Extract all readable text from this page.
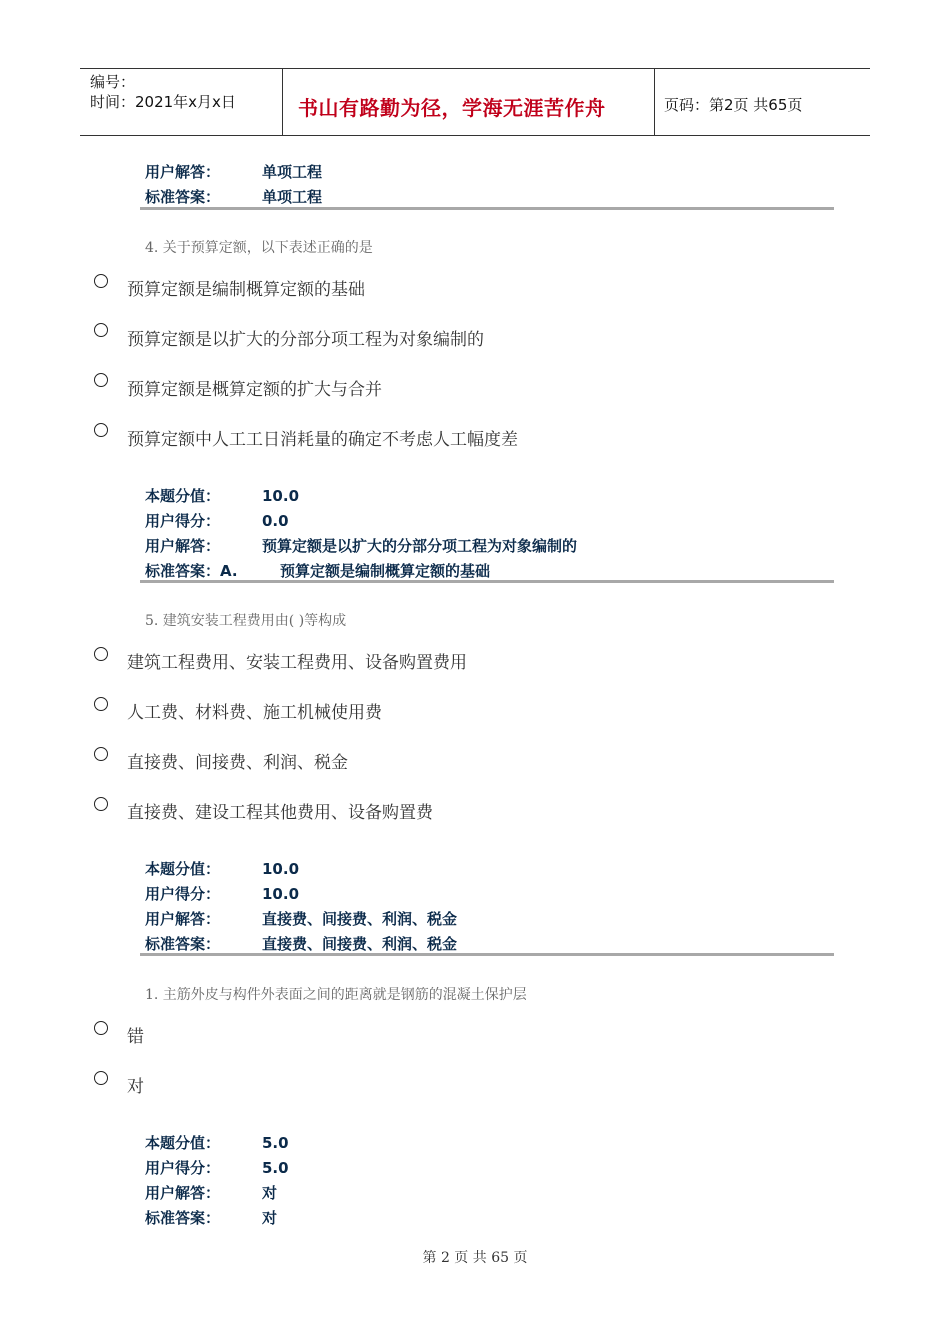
编号：
时间：2021年x月x日	书山有路勤为径，学海无涯苦作舟	页码：第2页 共65页
用户解答：	单项工程
标准答案：	单项工程
4. 关于预算定额，以下表述正确的是
预算定额是编制概算定额的基础
预算定额是以扩大的分部分项工程为对象编制的
预算定额是概算定额的扩大与合并
预算定额中人工工日消耗量的确定不考虑人工幅度差
本题分值：	10.0
用户得分：	0.0
用户解答：	预算定额是以扩大的分部分项工程为对象编制的
标准答案：A.	预算定额是编制概算定额的基础
5. 建筑安装工程费用由( )等构成
建筑工程费用、安装工程费用、设备购置费用
人工费、材料费、施工机械使用费
直接费、间接费、利润、税金
直接费、建设工程其他费用、设备购置费
本题分值：	10.0
用户得分：	10.0
用户解答：	直接费、间接费、利润、税金
标准答案：	直接费、间接费、利润、税金
1. 主筋外皮与构件外表面之间的距离就是钢筋的混凝土保护层
错
对
本题分值：	5.0
用户得分：	5.0
用户解答：	对
标准答案：	对
第 2 页 共 65 页
